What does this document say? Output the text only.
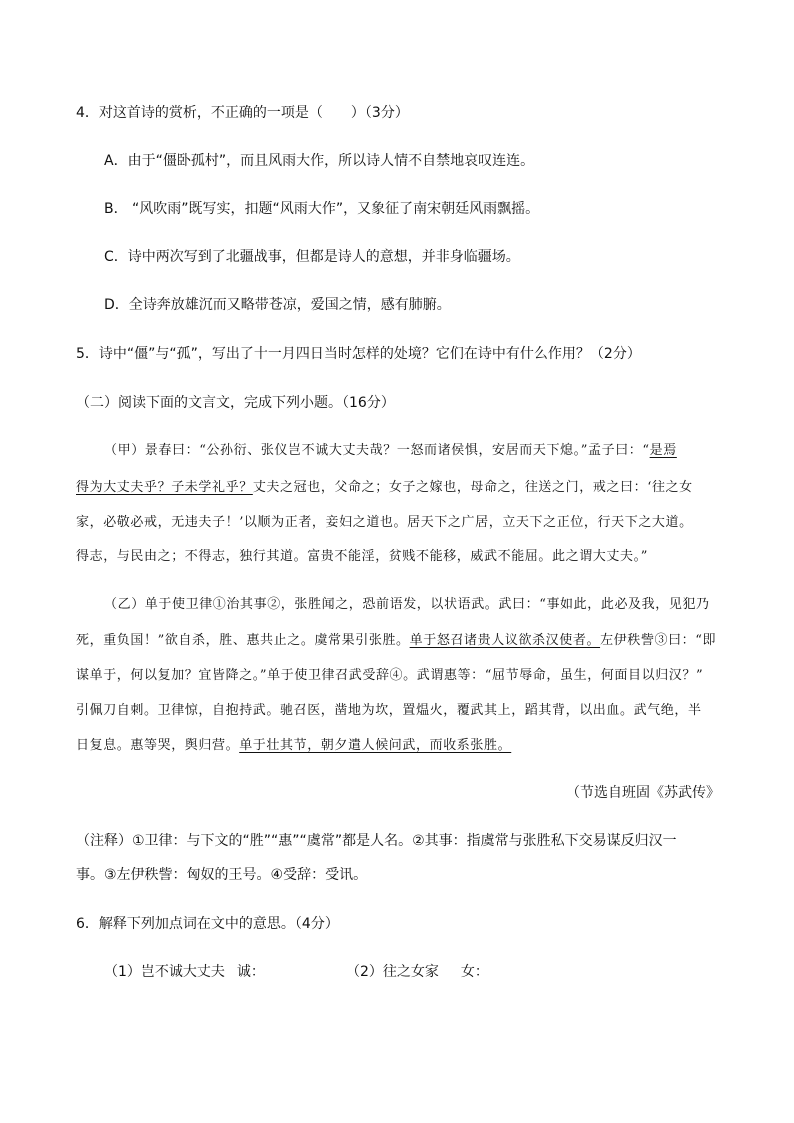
4．对这首诗的赏析，不正确的一项是（　　）（3分）
A．由于“僵卧孤村”，而且风雨大作，所以诗人情不自禁地哀叹连连。
B． “风吹雨”既写实，扣题“风雨大作”，又象征了南宋朝廷风雨飘摇。
C．诗中两次写到了北疆战事，但都是诗人的意想，并非身临疆场。
D．全诗奔放雄沉而又略带苍凉，爱国之情，感有肺腑。
5．诗中“僵”与“孤”，写出了十一月四日当时怎样的处境？它们在诗中有什么作用？（2分）
（二）阅读下面的文言文，完成下列小题。（16分）
（甲）景春曰：“公孙衍、张仪岂不诚大丈夫哉？一怒而诸侯惧，安居而天下熄。”孟子曰：“是焉
得为大丈夫乎？子未学礼乎？丈夫之冠也，父命之；女子之嫁也，母命之，往送之门，戒之曰：‘往之女
家，必敬必戒，无违夫子！’以顺为正者，妾妇之道也。居天下之广居，立天下之正位，行天下之大道。
得志，与民由之；不得志，独行其道。富贵不能淫，贫贱不能移，威武不能屈。此之谓大丈夫。”
（乙）单于使卫律①治其事②，张胜闻之，恐前语发，以状语武。武曰：“事如此，此必及我，见犯乃
死，重负国！”欲自杀，胜、惠共止之。虞常果引张胜。单于怒召诸贵人议欲杀汉使者。左伊秩訾③曰：“即
谋单于，何以复加？宜皆降之。”单于使卫律召武受辞④。武谓惠等：“屈节辱命，虽生，何面目以归汉？”
引佩刀自刺。卫律惊，自抱持武。驰召医，凿地为坎，置煴火，覆武其上，蹈其背，以出血。武气绝，半
日复息。惠等哭，舆归营。单于壮其节，朝夕遣人候问武，而收系张胜。
（节选自班固《苏武传》
（注释）①卫律：与下文的“胜”“惠”“虞常”都是人名。②其事：指虞常与张胜私下交易谋反归汉一
事。③左伊秩訾：匈奴的王号。④受辞：受讯。
6．解释下列加点词在文中的意思。（4分）
（1）岂不诚大丈夫 诚：	（2）往之女家 女：
